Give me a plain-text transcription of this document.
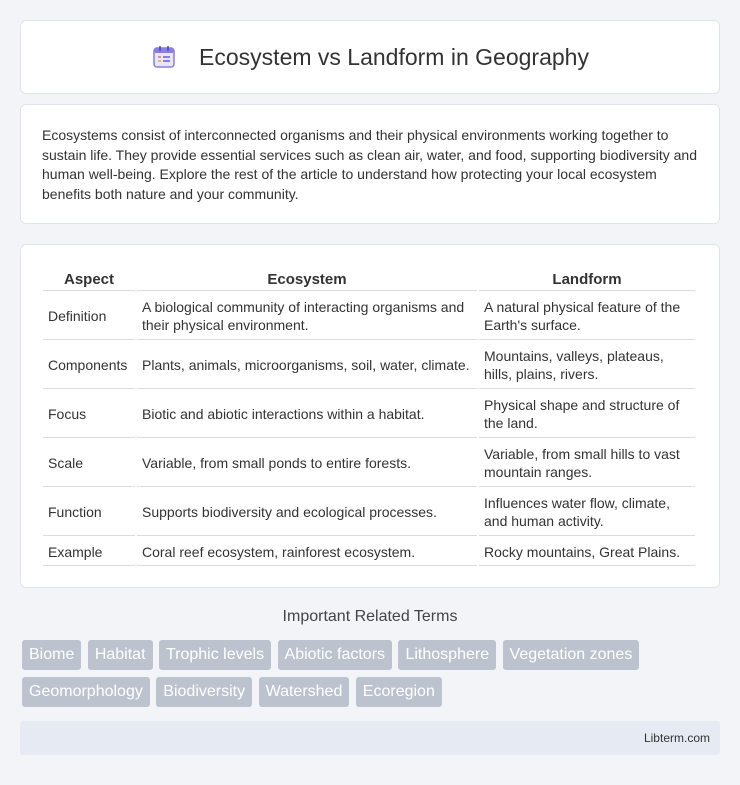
Ecosystem vs Landform in Geography

Ecosystems consist of interconnected organisms and their physical environments working together to sustain life. They provide essential services such as clean air, water, and food, supporting biodiversity and human well-being. Explore the rest of the article to understand how protecting your local ecosystem benefits both nature and your community.

Aspect	Ecosystem	Landform
Definition	A biological community of interacting organisms and their physical environment.	A natural physical feature of the Earth's surface.
Components	Plants, animals, microorganisms, soil, water, climate.	Mountains, valleys, plateaus, hills, plains, rivers.
Focus	Biotic and abiotic interactions within a habitat.	Physical shape and structure of the land.
Scale	Variable, from small ponds to entire forests.	Variable, from small hills to vast mountain ranges.
Function	Supports biodiversity and ecological processes.	Influences water flow, climate, and human activity.
Example	Coral reef ecosystem, rainforest ecosystem.	Rocky mountains, Great Plains.
Important Related Terms
Biome Habitat Trophic levels Abiotic factors Lithosphere Vegetation zones Geomorphology Biodiversity Watershed Ecoregion
Libterm.com
